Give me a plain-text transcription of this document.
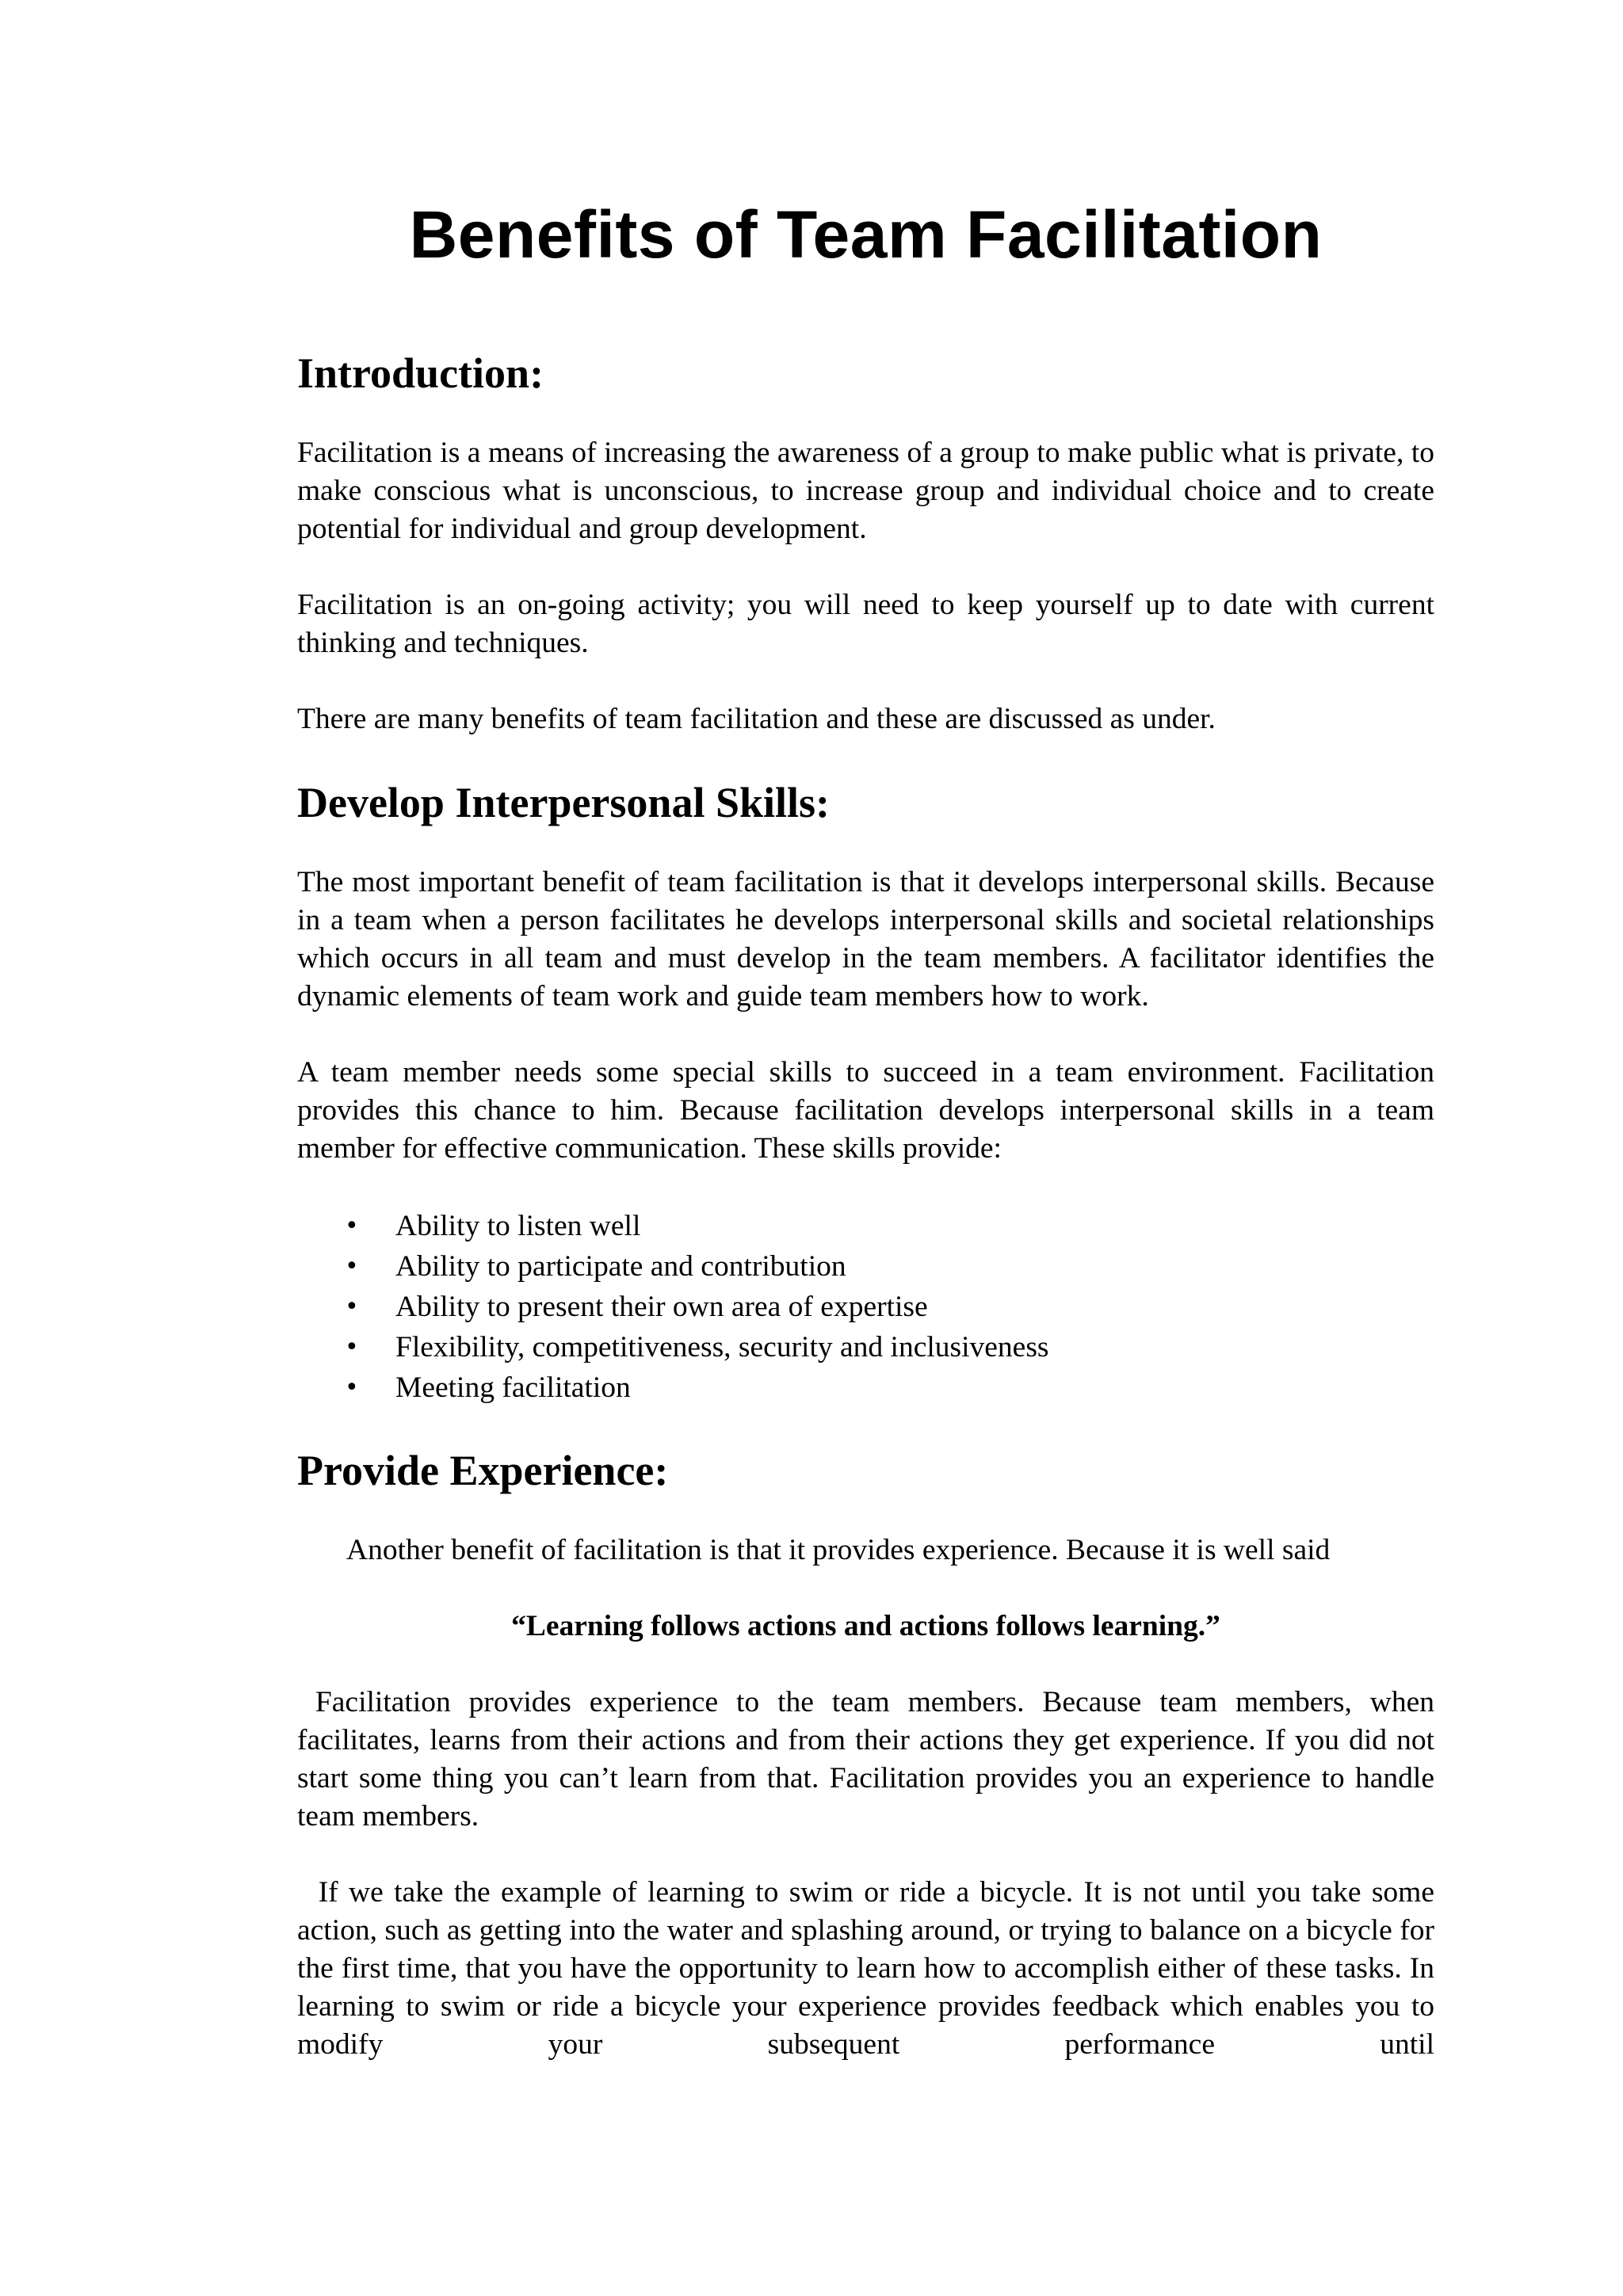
Benefits of Team Facilitation
Introduction:

Facilitation is a means of increasing the awareness of a group to make public what is private, to make conscious what is unconscious, to increase group and individual choice and to create potential for individual and group development.

Facilitation is an on-going activity; you will need to keep yourself up to date with current thinking and techniques.

There are many benefits of team facilitation and these are discussed as under.

Develop Interpersonal Skills:

The most important benefit of team facilitation is that it develops interpersonal skills. Because in a team when a person facilitates he develops interpersonal skills and societal relationships which occurs in all team and must develop in the team members. A facilitator identifies the dynamic elements of team work and guide team members how to work.

A team member needs some special skills to succeed in a team environment. Facilitation provides this chance to him. Because facilitation develops interpersonal skills in a team member for effective communication. These skills provide:

• Ability to listen well
• Ability to participate and contribution
• Ability to present their own area of expertise
• Flexibility, competitiveness, security and inclusiveness
• Meeting facilitation
Provide Experience:

Another benefit of facilitation is that it provides experience. Because it is well said

“Learning follows actions and actions follows learning.”

Facilitation provides experience to the team members. Because team members, when facilitates, learns from their actions and from their actions they get experience. If you did not start some thing you can’t learn from that. Facilitation provides you an experience to handle team members.

If we take the example of learning to swim or ride a bicycle. It is not until you take some action, such as getting into the water and splashing around, or trying to balance on a bicycle for the first time, that you have the opportunity to learn how to accomplish either of these tasks. In learning to swim or ride a bicycle your experience provides feedback which enables you to modify your subsequent performance until
